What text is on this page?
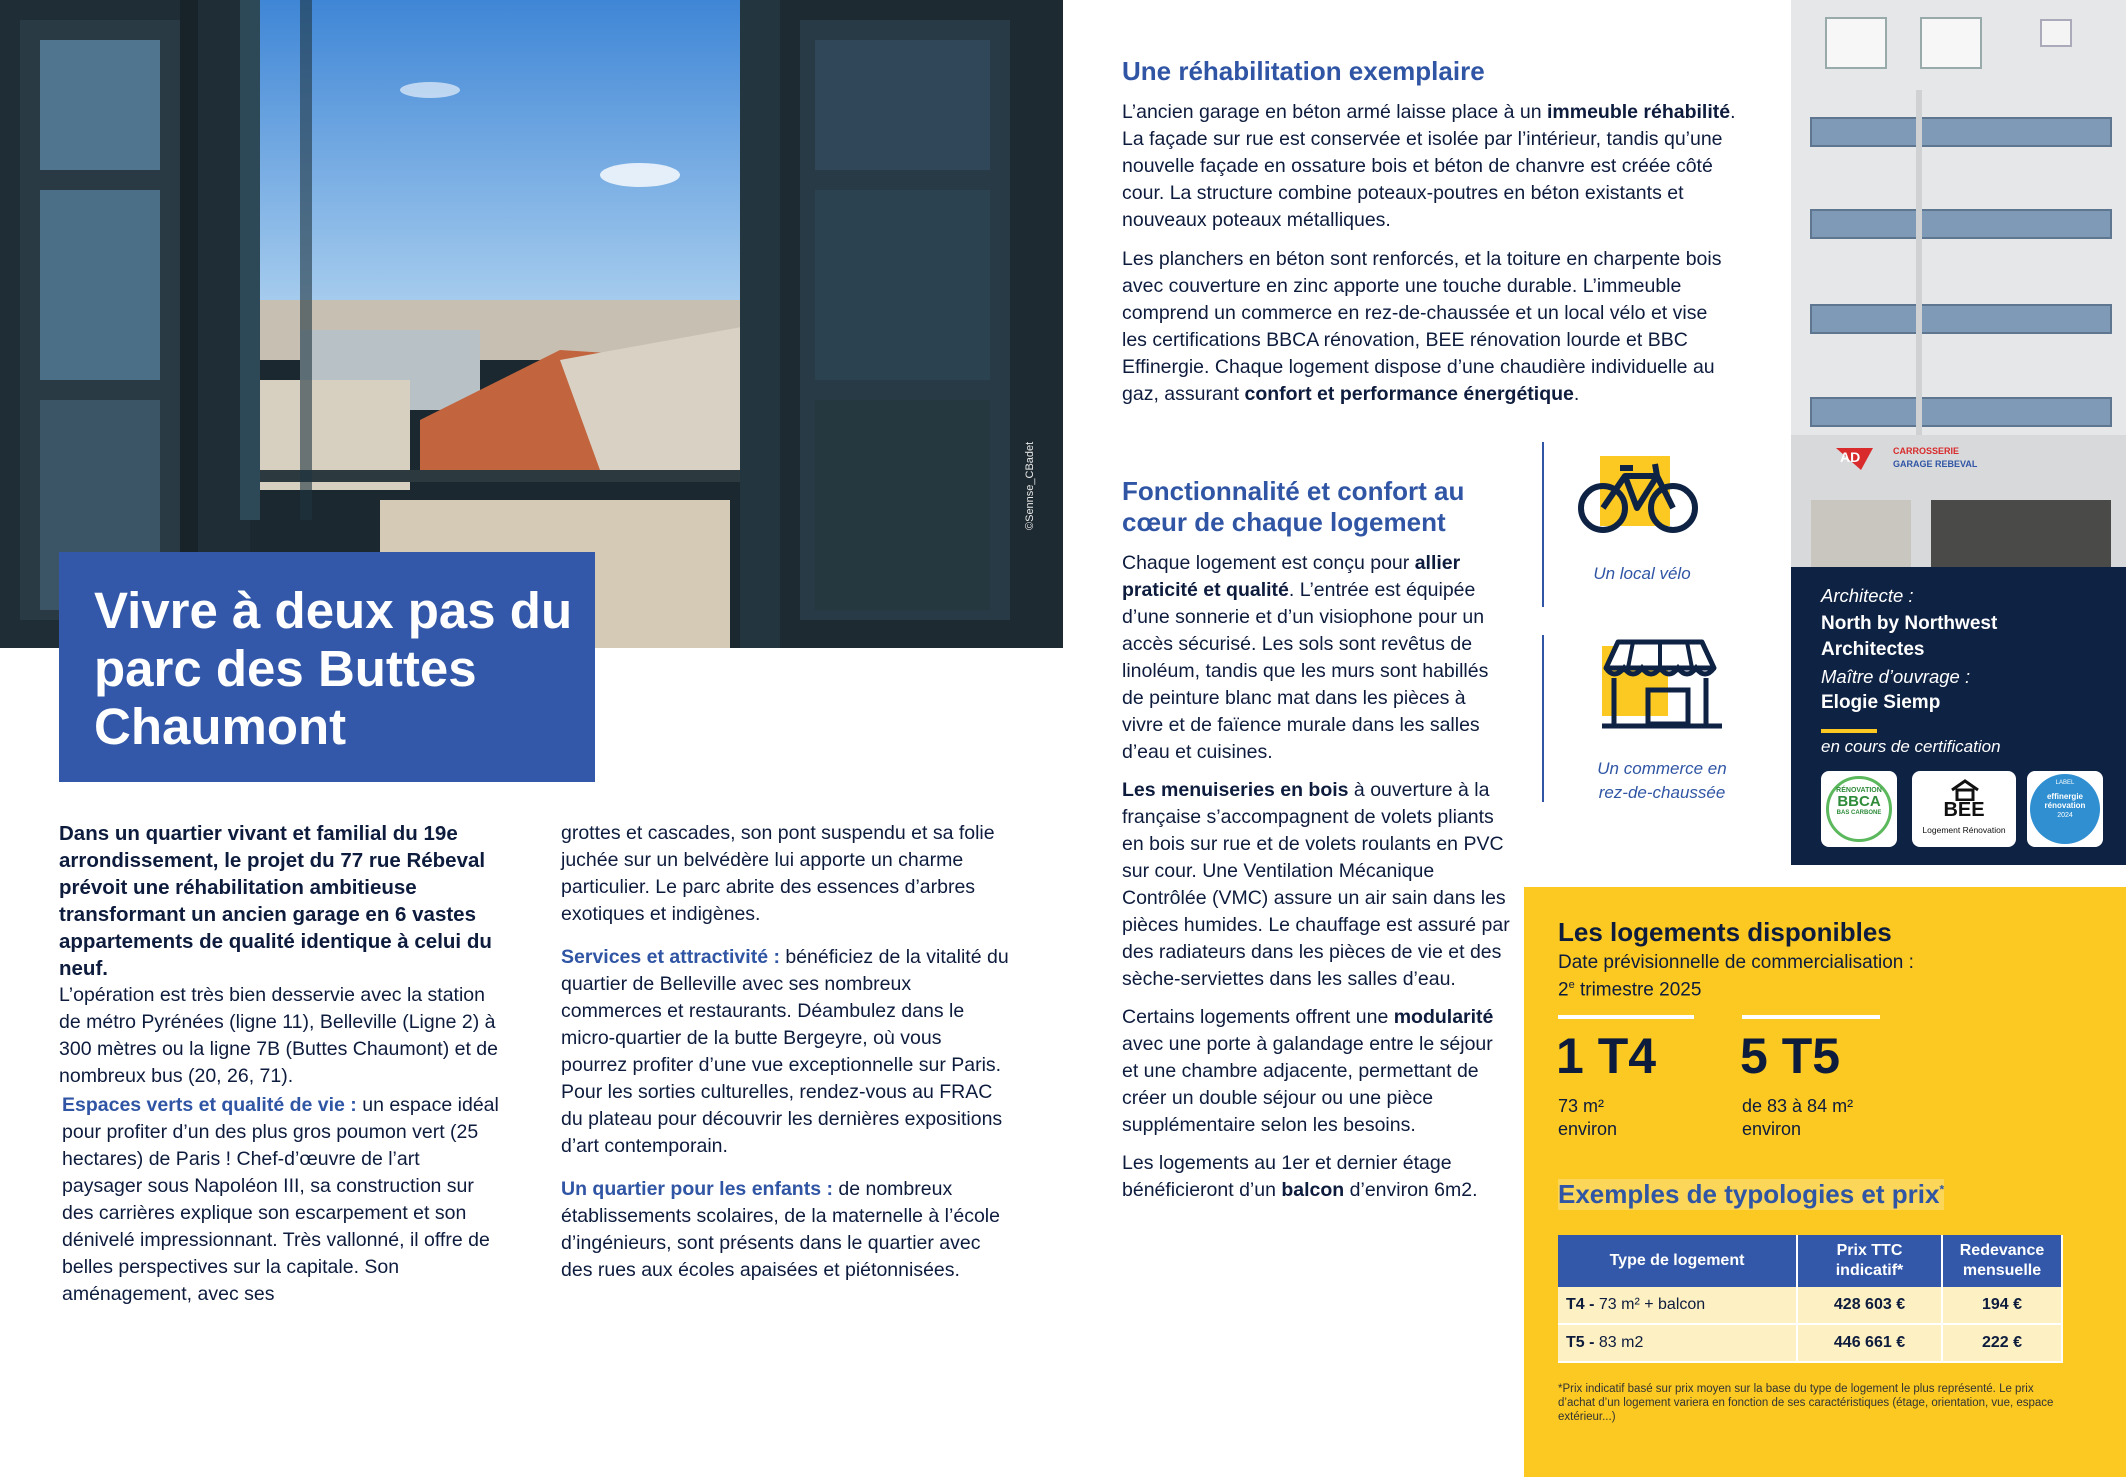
©Sennse_CBadet
Vivre à deux pas du parc des Buttes Chaumont

Dans un quartier vivant et familial du 19e arrondissement, le projet du 77 rue Rébeval prévoit une réhabilitation ambitieuse transformant un ancien garage en 6 vastes appartements de qualité identique à celui du neuf.

L’opération est très bien desservie avec la station de métro Pyrénées (ligne 11), Belleville (Ligne 2) à 300 mètres ou la ligne 7B (Buttes Chaumont) et de nombreux bus (20, 26, 71).

Espaces verts et qualité de vie : un espace idéal pour profiter d’un des plus gros poumon vert (25 hectares) de Paris ! Chef-d’œuvre de l’art paysager sous Napoléon III, sa construction sur des carrières explique son escarpement et son dénivelé impressionnant. Très vallonné, il offre de belles perspectives sur la capitale. Son aménagement, avec ses

grottes et cascades, son pont suspendu et sa folie juchée sur un belvédère lui apporte un charme particulier. Le parc abrite des essences d’arbres exotiques et indigènes.

Services et attractivité : bénéficiez de la vitalité du quartier de Belleville avec ses nombreux commerces et restaurants. Déambulez dans le micro-quartier de la butte Bergeyre, où vous pourrez profiter d’une vue exceptionnelle sur Paris. Pour les sorties culturelles, rendez-vous au FRAC du plateau pour découvrir les dernières expositions d’art contemporain.

Un quartier pour les enfants : de nombreux établissements scolaires, de la maternelle à l’école d’ingénieurs, sont présents dans le quartier avec des rues aux écoles apaisées et piétonnisées.

Une réhabilitation exemplaire

L’ancien garage en béton armé laisse place à un immeuble réhabilité. La façade sur rue est conservée et isolée par l’intérieur, tandis qu’une nouvelle façade en ossature bois et béton de chanvre est créée côté cour. La structure combine poteaux-poutres en béton existants et nouveaux poteaux métalliques.

Les planchers en béton sont renforcés, et la toiture en charpente bois avec couverture en zinc apporte une touche durable. L’immeuble comprend un commerce en rez-de-chaussée et un local vélo et vise les certifications BBCA rénovation, BEE rénovation lourde et BBC Effinergie. Chaque logement dispose d’une chaudière individuelle au gaz, assurant confort et performance énergétique.

Fonctionnalité et confort au cœur de chaque logement

Chaque logement est conçu pour allier praticité et qualité. L’entrée est équipée d’une sonnerie et d’un visiophone pour un accès sécurisé. Les sols sont revêtus de linoléum, tandis que les murs sont habillés de peinture blanc mat dans les pièces à vivre et de faïence murale dans les salles d’eau et cuisines.

Les menuiseries en bois à ouverture à la française s’accompagnent de volets pliants en bois sur rue et de volets roulants en PVC sur cour. Une Ventilation Mécanique Contrôlée (VMC) assure un air sain dans les pièces humides. Le chauffage est assuré par des radiateurs dans les pièces de vie et des sèche-serviettes dans les salles d’eau.

Certains logements offrent une modularité avec une porte à galandage entre le séjour et une chambre adjacente, permettant de créer un double séjour ou une pièce supplémentaire selon les besoins.

Les logements au 1er et dernier étage bénéficieront d’un balcon d’environ 6m2.

Un local vélo
Un commerce en
rez-de-chaussée
AD	CARROSSERIE
GARAGE REBEVAL
Architecte :
North by Northwest Architectes
Maître d’ouvrage :
Elogie Siemp
en cours de certification
RÉNOVATION
BBCA
BAS CARBONE	BEE
Logement Rénovation
LABEL
effinergie rénovation
2024
Les logements disponibles
Date prévisionnelle de commercialisation :
2e trimestre 2025
1 T4 5 T5
73 m²
environ
de 83 à 84 m²
environ
Exemples de typologies et prix*
Type de logement	Prix TTC indicatif*	Redevance mensuelle
T4 - 73 m² + balcon	428 603 €	194 €
T5 - 83 m2	446 661 €	222 €
*Prix indicatif basé sur prix moyen sur la base du type de logement le plus représenté. Le prix d’achat d’un logement variera en fonction de ses caractéristiques (étage, orientation, vue, espace extérieur...)
